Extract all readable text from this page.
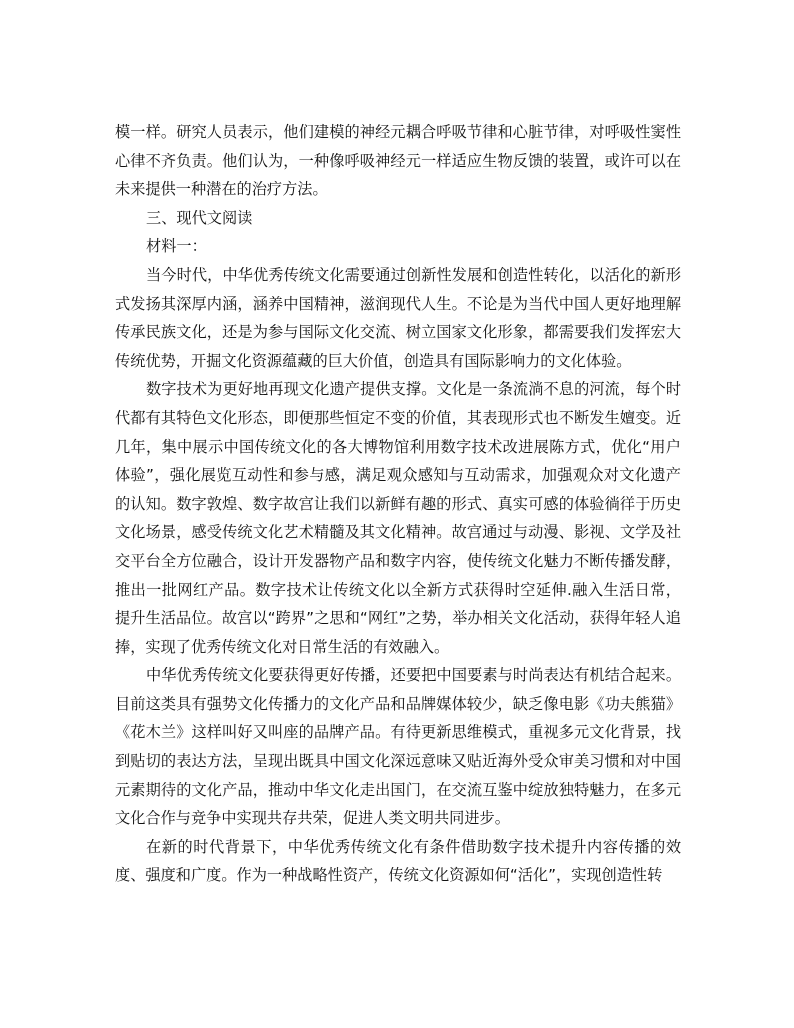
模一样。研究人员表示，他们建模的神经元耦合呼吸节律和心脏节律，对呼吸性窦性心律不齐负责。他们认为，一种像呼吸神经元一样适应生物反馈的装置，或许可以在未来提供一种潜在的治疗方法。

三、现代文阅读

材料一：

当今时代，中华优秀传统文化需要通过创新性发展和创造性转化，以活化的新形式发扬其深厚内涵，涵养中国精神，滋润现代人生。不论是为当代中国人更好地理解传承民族文化，还是为参与国际文化交流、树立国家文化形象，都需要我们发挥宏大传统优势，开掘文化资源蕴藏的巨大价值，创造具有国际影响力的文化体验。

数字技术为更好地再现文化遗产提供支撑。文化是一条流淌不息的河流，每个时代都有其特色文化形态，即便那些恒定不变的价值，其表现形式也不断发生嬗变。近几年，集中展示中国传统文化的各大博物馆利用数字技术改进展陈方式，优化“用户体验”，强化展览互动性和参与感，满足观众感知与互动需求，加强观众对文化遗产的认知。数字敦煌、数字故宫让我们以新鲜有趣的形式、真实可感的体验徜徉于历史文化场景，感受传统文化艺术精髓及其文化精神。故宫通过与动漫、影视、文学及社交平台全方位融合，设计开发器物产品和数字内容，使传统文化魅力不断传播发酵，推出一批网红产品。数字技术让传统文化以全新方式获得时空延伸.融入生活日常，提升生活品位。故宫以“跨界”之思和“网红”之势，举办相关文化活动，获得年轻人追捧，实现了优秀传统文化对日常生活的有效融入。

中华优秀传统文化要获得更好传播，还要把中国要素与时尚表达有机结合起来。目前这类具有强势文化传播力的文化产品和品牌媒体较少，缺乏像电影《功夫熊猫》《花木兰》这样叫好又叫座的品牌产品。有待更新思维模式，重视多元文化背景，找到贴切的表达方法，呈现出既具中国文化深远意味又贴近海外受众审美习惯和对中国元素期待的文化产品，推动中华文化走出国门，在交流互鉴中绽放独特魅力，在多元文化合作与竞争中实现共存共荣，促进人类文明共同进步。

在新的时代背景下，中华优秀传统文化有条件借助数字技术提升内容传播的效度、强度和广度。作为一种战略性资产，传统文化资源如何“活化”，实现创造性转
